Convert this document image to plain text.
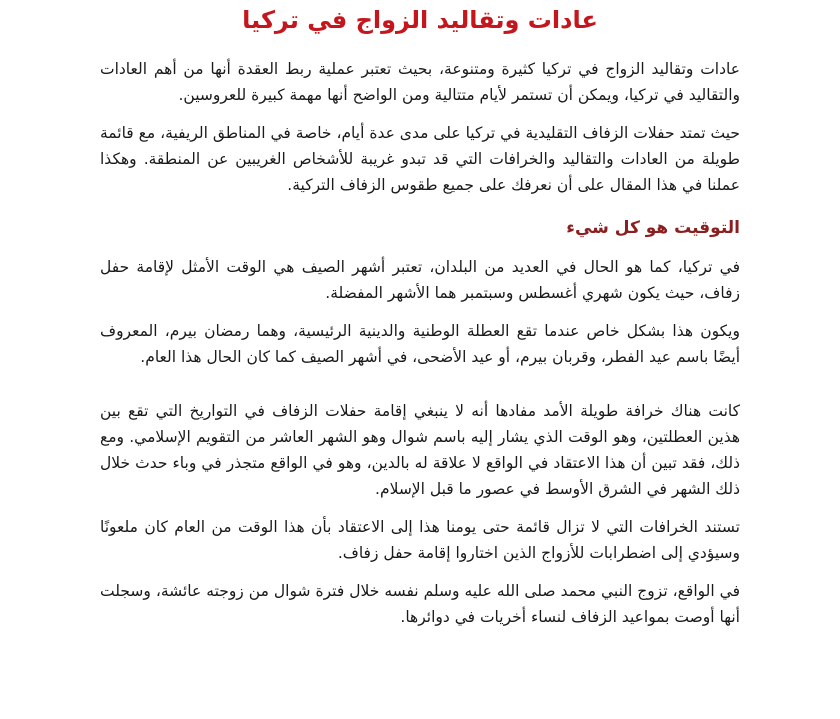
عادات وتقاليد الزواج في تركيا

عادات وتقاليد الزواج في تركيا كثيرة ومتنوعة، بحيث تعتبر عملية ربط العقدة أنها من أهم العادات والتقاليد في تركيا، ويمكن أن تستمر لأيام متتالية ومن الواضح أنها مهمة كبيرة للعروسين.

حيث تمتد حفلات الزفاف التقليدية في تركيا على مدى عدة أيام، خاصة في المناطق الريفية، مع قائمة طويلة من العادات والتقاليد والخرافات التي قد تبدو غريبة للأشخاص الغريبين عن المنطقة. وهكذا عملنا في هذا المقال على أن نعرفك على جميع طقوس الزفاف التركية.

التوقيت هو كل شيء

في تركيا، كما هو الحال في العديد من البلدان، تعتبر أشهر الصيف هي الوقت الأمثل لإقامة حفل زفاف، حيث يكون شهري أغسطس وسبتمبر هما الأشهر المفضلة.

ويكون هذا بشكل خاص عندما تقع العطلة الوطنية والدينية الرئيسية، وهما رمضان بيرم، المعروف أيضًا باسم عيد الفطر، وقربان بيرم، أو عيد الأضحى، في أشهر الصيف كما كان الحال هذا العام.

كانت هناك خرافة طويلة الأمد مفادها أنه لا ينبغي إقامة حفلات الزفاف في التواريخ التي تقع بين هذين العطلتين، وهو الوقت الذي يشار إليه باسم شوال وهو الشهر العاشر من التقويم الإسلامي. ومع ذلك، فقد تبين أن هذا الاعتقاد في الواقع لا علاقة له بالدين، وهو في الواقع متجذر في وباء حدث خلال ذلك الشهر في الشرق الأوسط في عصور ما قبل الإسلام.

تستند الخرافات التي لا تزال قائمة حتى يومنا هذا إلى الاعتقاد بأن هذا الوقت من العام كان ملعونًا وسيؤدي إلى اضطرابات للأزواج الذين اختاروا إقامة حفل زفاف.

في الواقع، تزوج النبي محمد صلى الله عليه وسلم نفسه خلال فترة شوال من زوجته عائشة، وسجلت أنها أوصت بمواعيد الزفاف لنساء أخريات في دوائرها.
